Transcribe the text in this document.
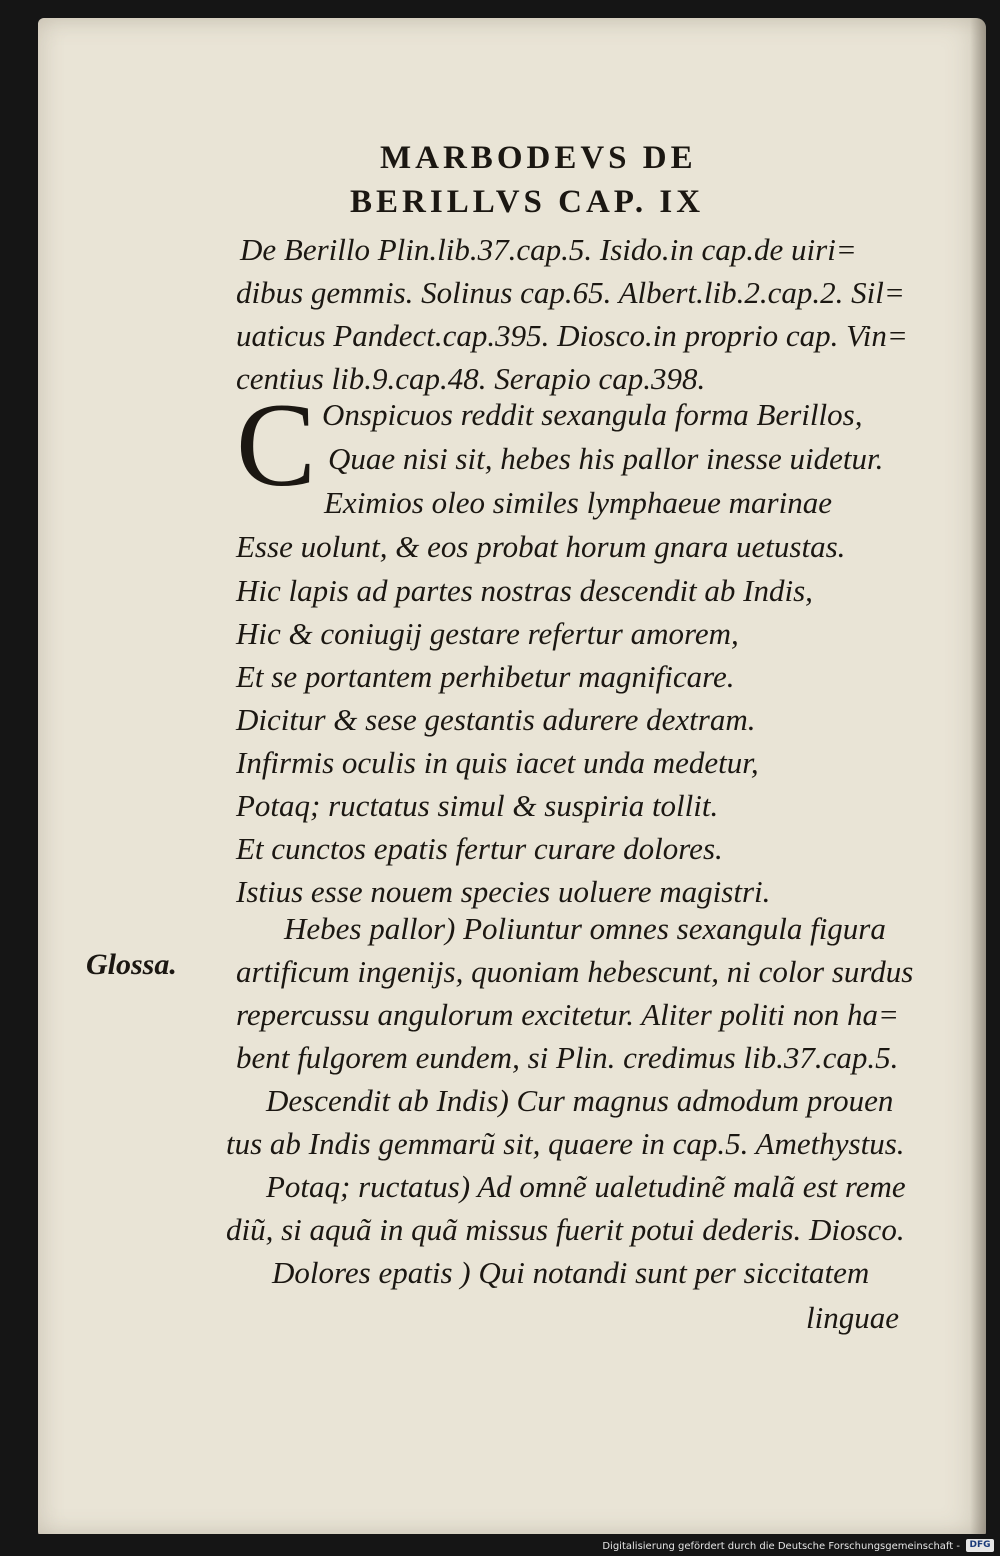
MARBODEVS DE
BERILLVS CAP. IX
De Berillo Plin.lib.37.cap.5. Isido.in cap.de uiri=
dibus gemmis. Solinus cap.65. Albert.lib.2.cap.2. Sil=
uaticus Pandect.cap.395. Diosco.in proprio cap. Vin=
centius lib.9.cap.48. Serapio cap.398.
C Onspicuos reddit sexangula forma Berillos,
Quae nisi sit, hebes his pallor inesse uidetur.
Eximios oleo similes lymphaeue marinae
Esse uolunt, & eos probat horum gnara uetustas.
Hic lapis ad partes nostras descendit ab Indis,
Hic & coniugij gestare refertur amorem,
Et se portantem perhibetur magnificare.
Dicitur & sese gestantis adurere dextram.
Infirmis oculis in quis iacet unda medetur,
Potaq; ructatus simul & suspiria tollit.
Et cunctos epatis fertur curare dolores.
Istius esse nouem species uoluere magistri.
Glossa.
Hebes pallor) Poliuntur omnes sexangula figura
artificum ingenijs, quoniam hebescunt, ni color surdus
repercussu angulorum excitetur. Aliter politi non ha=
bent fulgorem eundem, si Plin. credimus lib.37.cap.5.
Descendit ab Indis) Cur magnus admodum prouen
tus ab Indis gemmarũ sit, quaere in cap.5. Amethystus.
Potaq; ructatus) Ad omnẽ ualetudinẽ malã est reme
diũ, si aquã in quã missus fuerit potui dederis. Diosco.
Dolores epatis ) Qui notandi sunt per siccitatem
linguae
Digitalisierung gefördert durch die Deutsche Forschungsgemeinschaft -	DFG
